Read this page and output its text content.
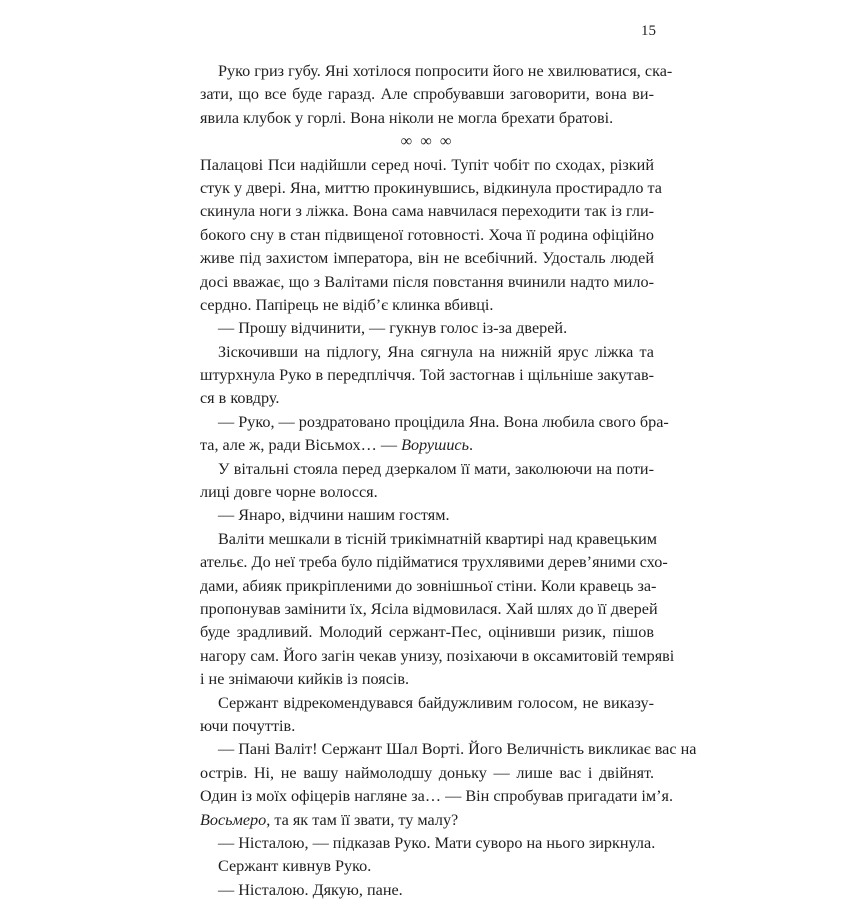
15
Руко гриз губу. Яні хотілося попросити його не хвилюватися, ска-
зати, що все буде гаразд. Але спробувавши заговорити, вона ви-
явила клубок у горлі. Вона ніколи не могла брехати братові.
∞ ∞ ∞
Палацові Пси надійшли серед ночі. Тупіт чобіт по сходах, різкий
стук у двері. Яна, миттю прокинувшись, відкинула простирадло та
скинула ноги з ліжка. Вона сама навчилася переходити так із гли-
бокого сну в стан підвищеної готовності. Хоча її родина офіційно
живе під захистом імператора, він не всебічний. Удосталь людей
досі вважає, що з Валітами після повстання вчинили надто мило-
сердно. Папірець не відіб’є клинка вбивці.
— Прошу відчинити, — гукнув голос із-за дверей.
Зіскочивши на підлогу, Яна сягнула на нижній ярус ліжка та
штурхнула Руко в передпліччя. Той застогнав і щільніше закутав-
ся в ковдру.
— Руко, — роздратовано процідила Яна. Вона любила свого бра-
та, але ж, ради Вісьмох… — Ворушись.
У вітальні стояла перед дзеркалом її мати, заколюючи на поти-
лиці довге чорне волосся.
— Янаро, відчини нашим гостям.
Валіти мешкали в тісній трикімнатній квартирі над кравецьким
ательє. До неї треба було підійматися трухлявими дерев’яними схо-
дами, абияк прикріпленими до зовнішньої стіни. Коли кравець за-
пропонував замінити їх, Ясіла відмовилася. Хай шлях до її дверей
буде зрадливий. Молодий сержант-Пес, оцінивши ризик, пішов
нагору сам. Його загін чекав унизу, позіхаючи в оксамитовій темряві
і не знімаючи кийків із поясів.
Сержант відрекомендувався байдужливим голосом, не виказу-
ючи почуттів.
— Пані Валіт! Сержант Шал Ворті. Його Величність викликає вас на
острів. Ні, не вашу наймолодшу доньку — лише вас і двійнят.
Один із моїх офіцерів нагляне за… — Він спробував пригадати ім’я.
Восьмеро, та як там її звати, ту малу?
— Ністалою, — підказав Руко. Мати суворо на нього зиркнула.
Сержант кивнув Руко.
— Ністалою. Дякую, пане.
